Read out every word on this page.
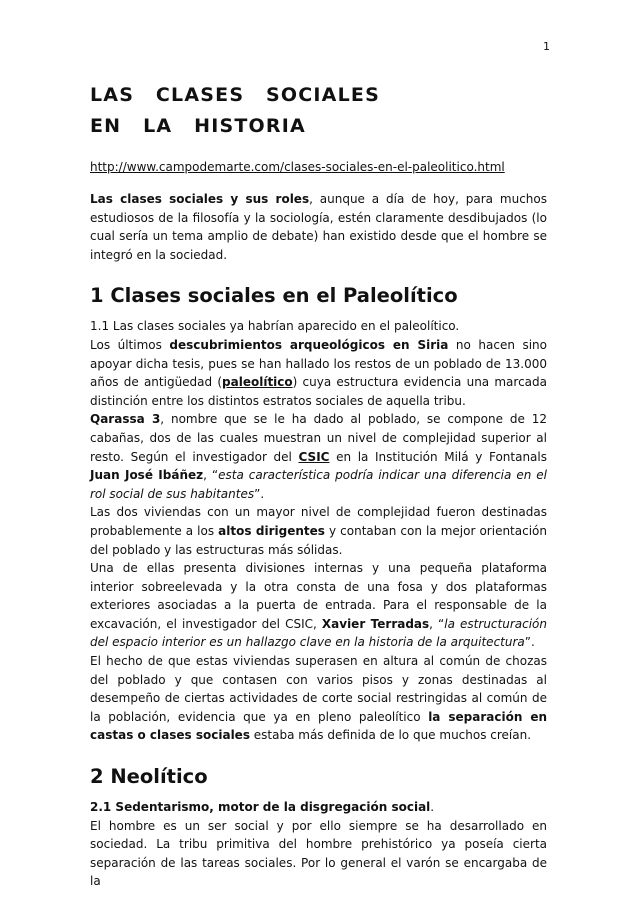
1
LAS CLASES SOCIALES
EN LA HISTORIA
http://www.campodemarte.com/clases-sociales-en-el-paleolitico.html

Las clases sociales y sus roles, aunque a día de hoy, para muchos estudiosos de la filosofía y la sociología, estén claramente desdibujados (lo cual sería un tema amplio de debate) han existido desde que el hombre se integró en la sociedad.

1 Clases sociales en el Paleolítico

1.1 Las clases sociales ya habrían aparecido en el paleolítico.

Los últimos descubrimientos arqueológicos en Siria no hacen sino apoyar dicha tesis, pues se han hallado los restos de un poblado de 13.000 años de antigüedad (paleolítico) cuya estructura evidencia una marcada distinción entre los distintos estratos sociales de aquella tribu.

Qarassa 3, nombre que se le ha dado al poblado, se compone de 12 cabañas, dos de las cuales muestran un nivel de complejidad superior al resto. Según el investigador del CSIC en la Institución Milá y Fontanals Juan José Ibáñez, “esta característica podría indicar una diferencia en el rol social de sus habitantes”.

Las dos viviendas con un mayor nivel de complejidad fueron destinadas probablemente a los altos dirigentes y contaban con la mejor orientación del poblado y las estructuras más sólidas.

Una de ellas presenta divisiones internas y una pequeña plataforma interior sobreelevada y la otra consta de una fosa y dos plataformas exteriores asociadas a la puerta de entrada. Para el responsable de la excavación, el investigador del CSIC, Xavier Terradas, “la estructuración del espacio interior es un hallazgo clave en la historia de la arquitectura”.

El hecho de que estas viviendas superasen en altura al común de chozas del poblado y que contasen con varios pisos y zonas destinadas al desempeño de ciertas actividades de corte social restringidas al común de la población, evidencia que ya en pleno paleolítico la separación en castas o clases sociales estaba más definida de lo que muchos creían.

2 Neolítico

2.1 Sedentarismo, motor de la disgregación social.

El hombre es un ser social y por ello siempre se ha desarrollado en sociedad. La tribu primitiva del hombre prehistórico ya poseía cierta separación de las tareas sociales. Por lo general el varón se encargaba de la
